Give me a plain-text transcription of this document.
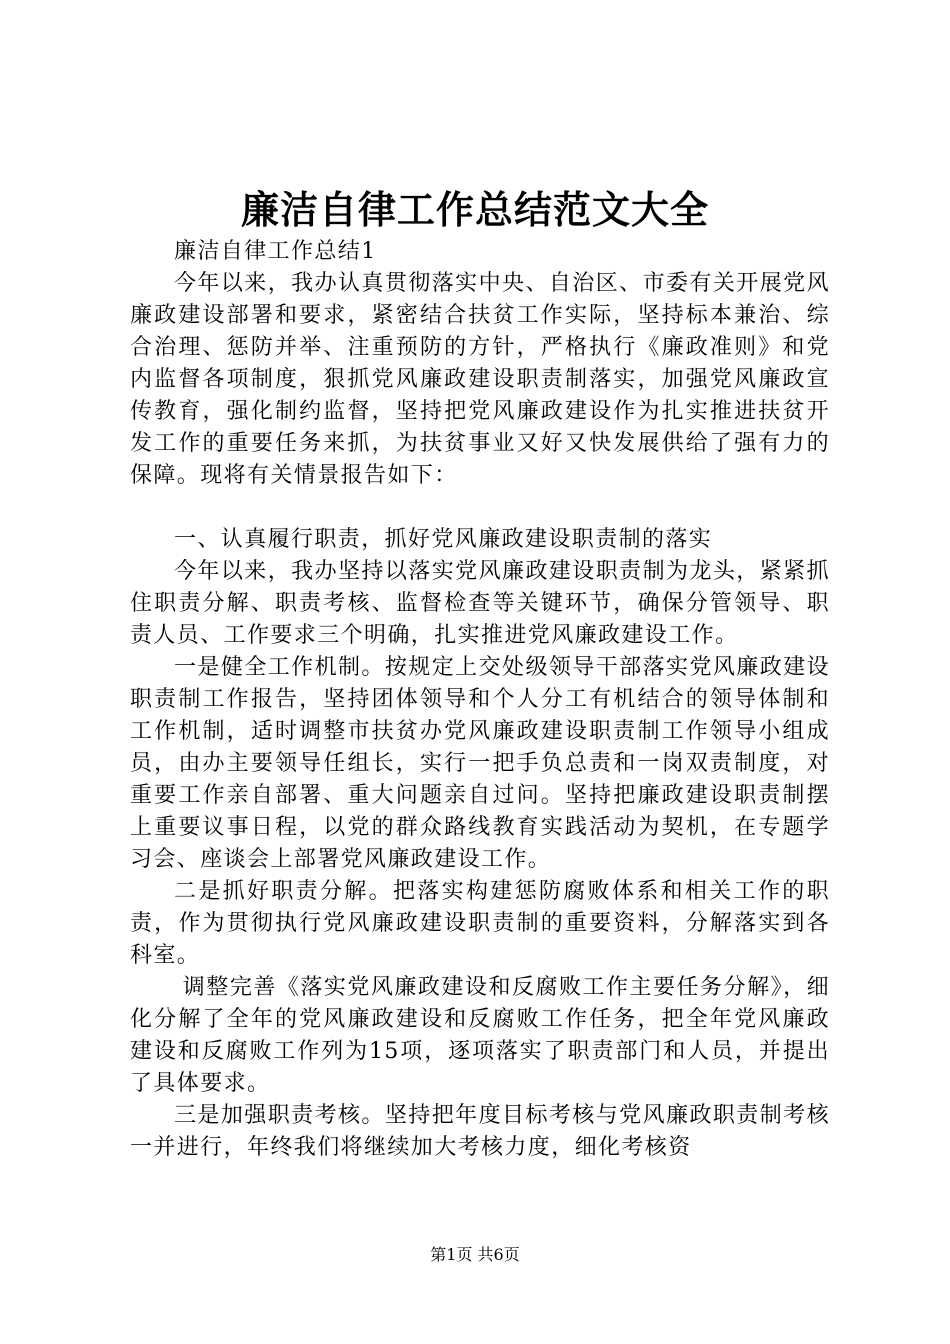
廉洁自律工作总结范文大全

廉洁自律工作总结1

今年以来，我办认真贯彻落实中央、自治区、市委有关开展党风廉政建设部署和要求，紧密结合扶贫工作实际，坚持标本兼治、综合治理、惩防并举、注重预防的方针，严格执行《廉政准则》和党内监督各项制度，狠抓党风廉政建设职责制落实，加强党风廉政宣传教育，强化制约监督，坚持把党风廉政建设作为扎实推进扶贫开发工作的重要任务来抓，为扶贫事业又好又快发展供给了强有力的保障。现将有关情景报告如下：

一、认真履行职责，抓好党风廉政建设职责制的落实

今年以来，我办坚持以落实党风廉政建设职责制为龙头，紧紧抓住职责分解、职责考核、监督检查等关键环节，确保分管领导、职责人员、工作要求三个明确，扎实推进党风廉政建设工作。

一是健全工作机制。按规定上交处级领导干部落实党风廉政建设职责制工作报告，坚持团体领导和个人分工有机结合的领导体制和工作机制，适时调整市扶贫办党风廉政建设职责制工作领导小组成员，由办主要领导任组长，实行一把手负总责和一岗双责制度，对重要工作亲自部署、重大问题亲自过问。坚持把廉政建设职责制摆上重要议事日程，以党的群众路线教育实践活动为契机，在专题学习会、座谈会上部署党风廉政建设工作。

二是抓好职责分解。把落实构建惩防腐败体系和相关工作的职责，作为贯彻执行党风廉政建设职责制的重要资料，分解落实到各科室。

调整完善《落实党风廉政建设和反腐败工作主要任务分解》，细化分解了全年的党风廉政建设和反腐败工作任务，把全年党风廉政建设和反腐败工作列为15项，逐项落实了职责部门和人员，并提出了具体要求。

三是加强职责考核。坚持把年度目标考核与党风廉政职责制考核一并进行，年终我们将继续加大考核力度，细化考核资

第1页 共6页
